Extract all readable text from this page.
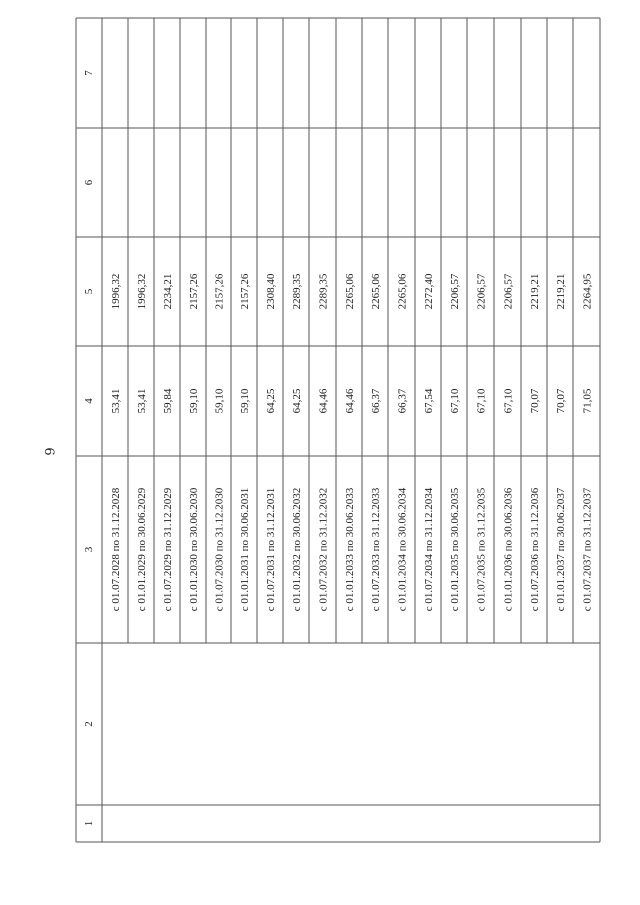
9
1
2
3
4
5
6
7
с 01.07.2028 по 31.12.2028
53,41
1996,32
с 01.01.2029 по 30.06.2029
53,41
1996,32
с 01.07.2029 по 31.12.2029
59,84
2234,21
с 01.01.2030 по 30.06.2030
59,10
2157,26
с 01.07.2030 по 31.12.2030
59,10
2157,26
с 01.01.2031 по 30.06.2031
59,10
2157,26
с 01.07.2031 по 31.12.2031
64,25
2308,40
с 01.01.2032 по 30.06.2032
64,25
2289,35
с 01.07.2032 по 31.12.2032
64,46
2289,35
с 01.01.2033 по 30.06.2033
64,46
2265,06
с 01.07.2033 по 31.12.2033
66,37
2265,06
с 01.01.2034 по 30.06.2034
66,37
2265,06
с 01.07.2034 по 31.12.2034
67,54
2272,40
с 01.01.2035 по 30.06.2035
67,10
2206,57
с 01.07.2035 по 31.12.2035
67,10
2206,57
с 01.01.2036 по 30.06.2036
67,10
2206,57
с 01.07.2036 по 31.12.2036
70,07
2219,21
с 01.01.2037 по 30.06.2037
70,07
2219,21
с 01.07.2037 по 31.12.2037
71,05
2264,95
